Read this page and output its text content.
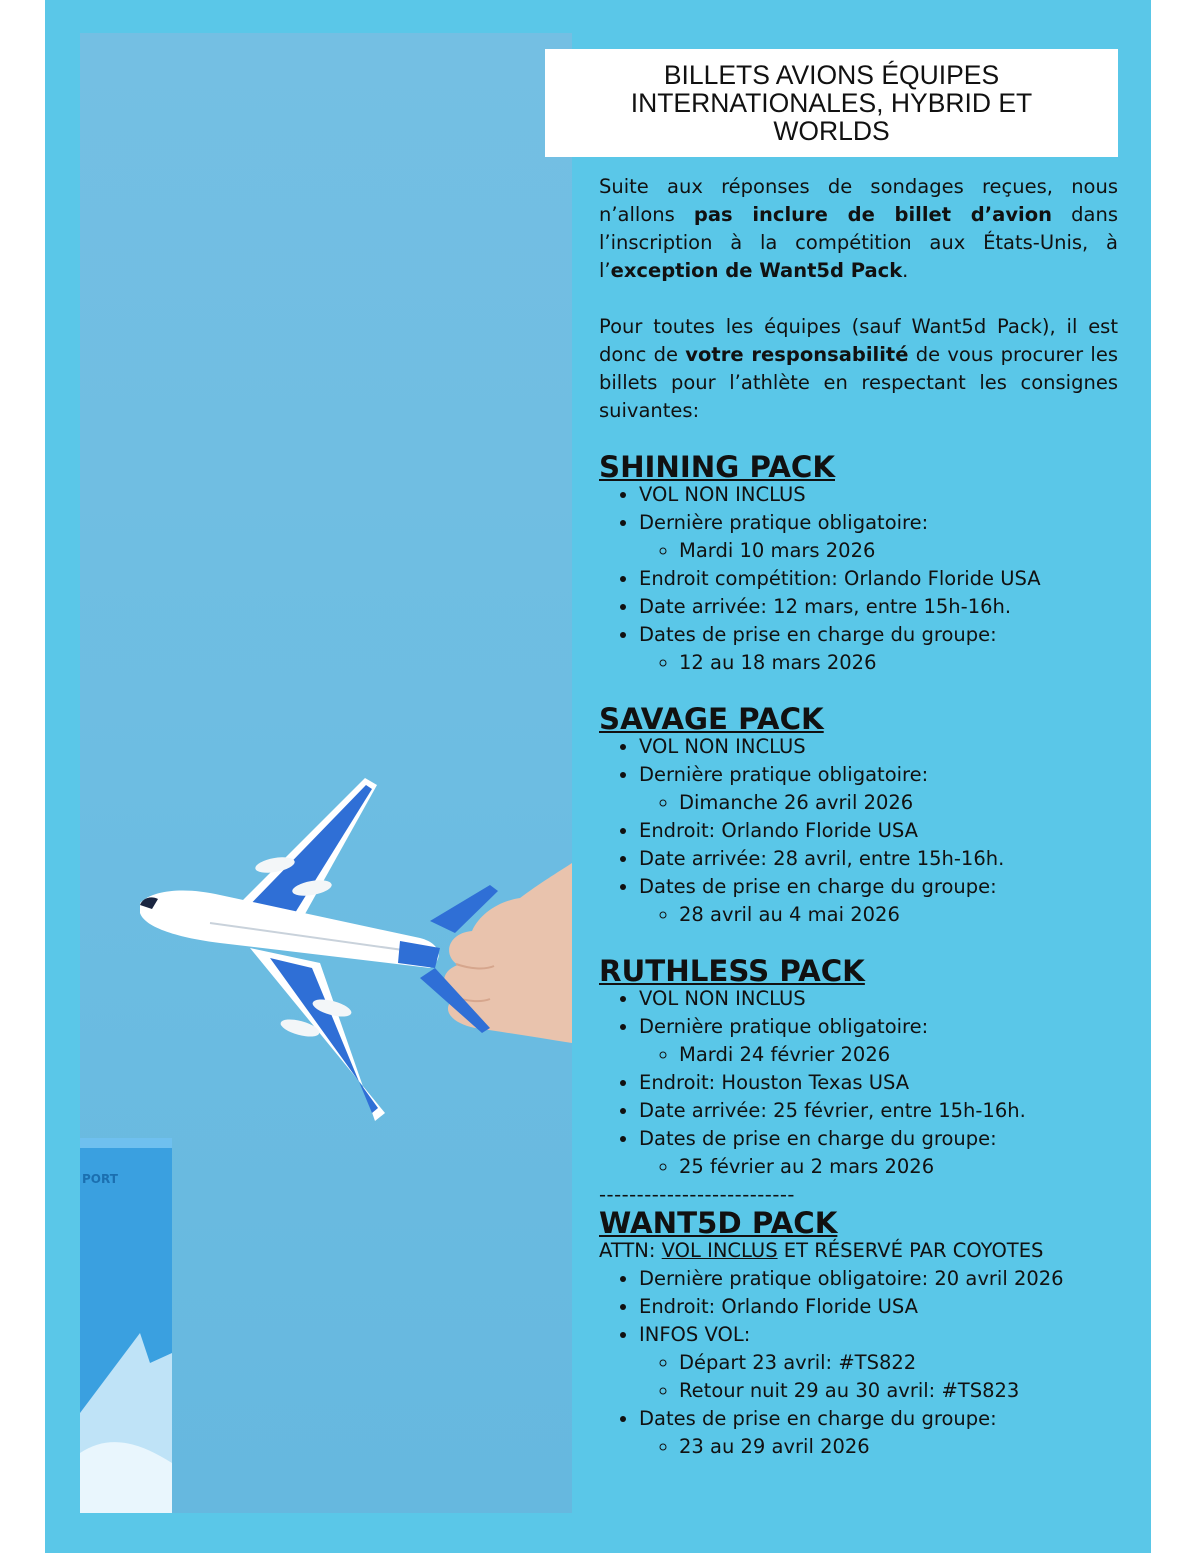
PORT
BILLETS AVIONS ÉQUIPES INTERNATIONALES, HYBRID ET WORLDS

Suite aux réponses de sondages reçues, nous n’allons pas inclure de billet d’avion dans l’inscription à la compétition aux États-Unis, à l’exception de Want5d Pack.

Pour toutes les équipes (sauf Want5d Pack), il est donc de votre responsabilité de vous procurer les billets pour l’athlète en respectant les consignes suivantes:

SHINING PACK
• VOL NON INCLUS
• Dernière pratique obligatoire:
◦ Mardi 10 mars 2026
• Endroit compétition: Orlando Floride USA
• Date arrivée: 12 mars, entre 15h-16h.
• Dates de prise en charge du groupe:
◦ 12 au 18 mars 2026
SAVAGE PACK
• VOL NON INCLUS
• Dernière pratique obligatoire:
◦ Dimanche 26 avril 2026
• Endroit: Orlando Floride USA
• Date arrivée: 28 avril, entre 15h-16h.
• Dates de prise en charge du groupe:
◦ 28 avril au 4 mai 2026
RUTHLESS PACK
• VOL NON INCLUS
• Dernière pratique obligatoire:
◦ Mardi 24 février 2026
• Endroit: Houston Texas USA
• Date arrivée: 25 février, entre 15h-16h.
• Dates de prise en charge du groupe:
◦ 25 février au 2 mars 2026

--------------------------

WANT5D PACK

ATTN: VOL INCLUS ET RÉSERVÉ PAR COYOTES

• Dernière pratique obligatoire: 20 avril 2026

• Endroit: Orlando Floride USA
• INFOS VOL:
◦ Départ 23 avril: #TS822
◦ Retour nuit 29 au 30 avril: #TS823
• Dates de prise en charge du groupe:
◦ 23 au 29 avril 2026
